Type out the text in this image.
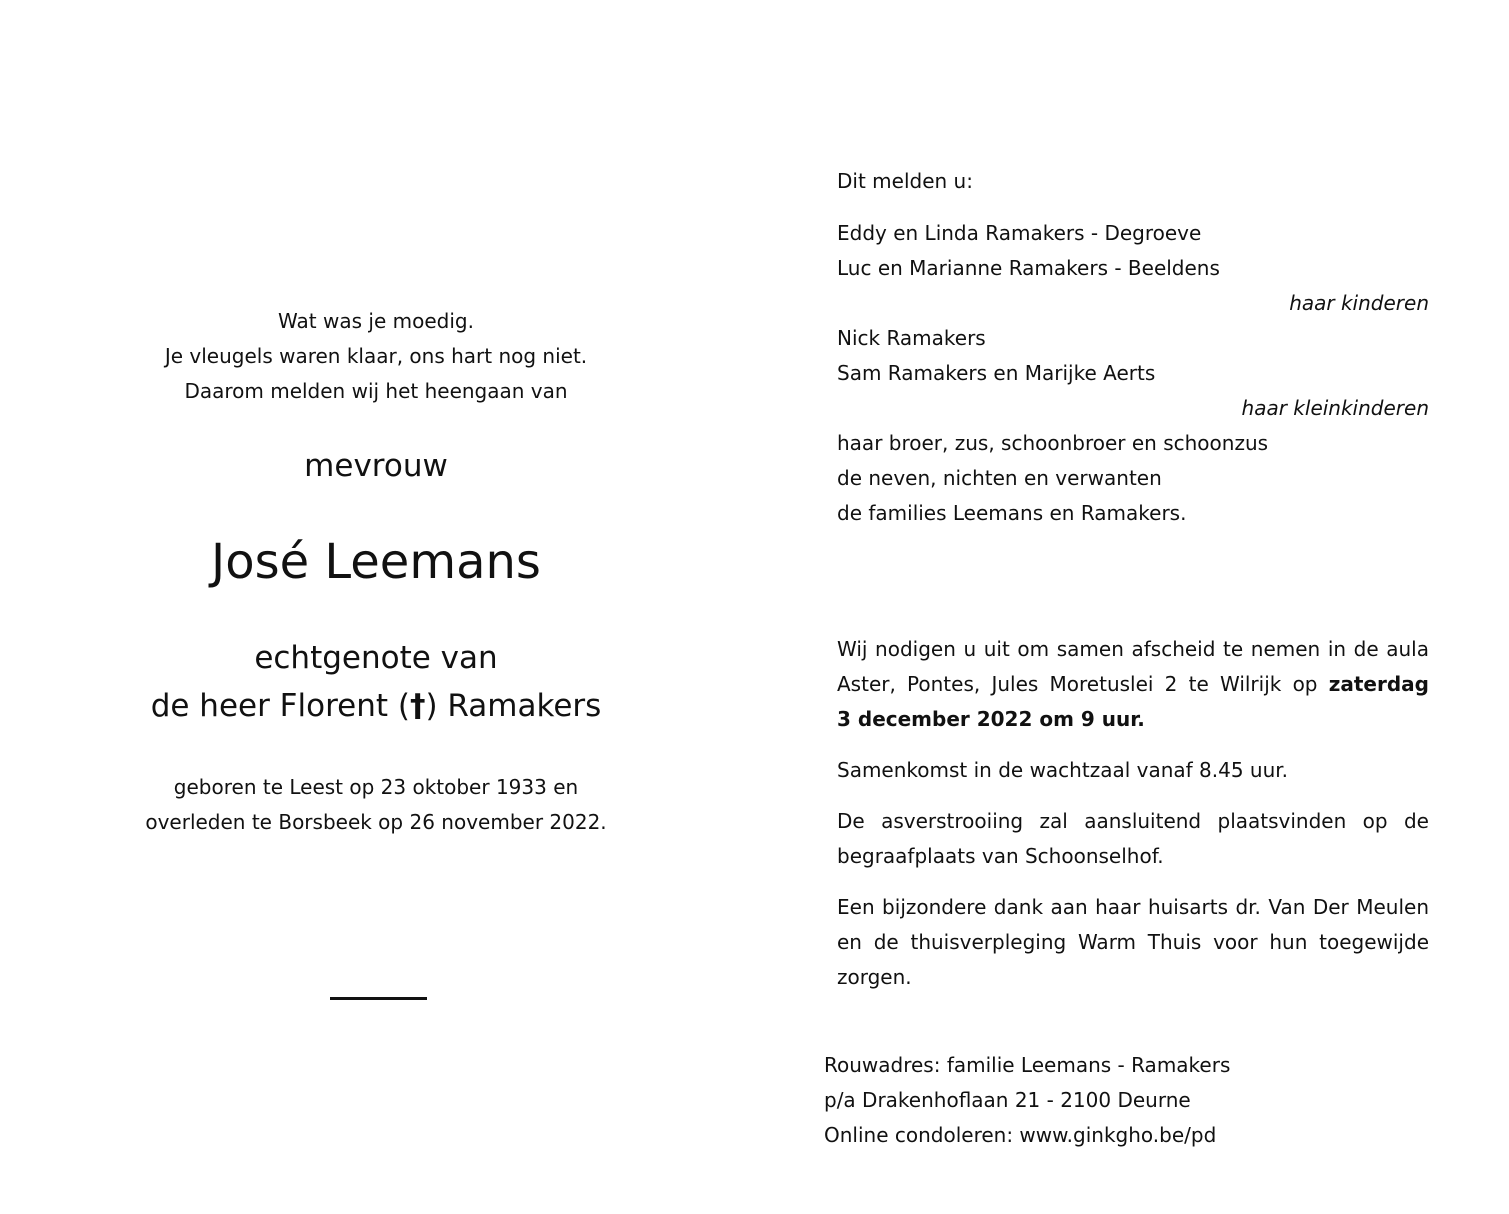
Wat was je moedig.
Je vleugels waren klaar, ons hart nog niet.
Daarom melden wij het heengaan van
mevrouw
José Leemans
echtgenote van
de heer Florent (†) Ramakers
geboren te Leest op 23 oktober 1933 en
overleden te Borsbeek op 26 november 2022.
Dit melden u:
Eddy en Linda Ramakers - Degroeve
Luc en Marianne Ramakers - Beeldens
haar kinderen
Nick Ramakers
Sam Ramakers en Marijke Aerts
haar kleinkinderen
haar broer, zus, schoonbroer en schoonzus
de neven, nichten en verwanten
de families Leemans en Ramakers.
Wij nodigen u uit om samen afscheid te nemen in de aula
Aster, Pontes, Jules Moretuslei 2 te Wilrijk op zaterdag
3 december 2022 om 9 uur.
Samenkomst in de wachtzaal vanaf 8.45 uur.
De asverstrooiing zal aansluitend plaatsvinden op de
begraafplaats van Schoonselhof.
Een bijzondere dank aan haar huisarts dr. Van Der Meulen
en de thuisverpleging Warm Thuis voor hun toegewijde
zorgen.
Rouwadres: familie Leemans - Ramakers
p/a Drakenhoflaan 21 - 2100 Deurne
Online condoleren: www.ginkgho.be/pd
